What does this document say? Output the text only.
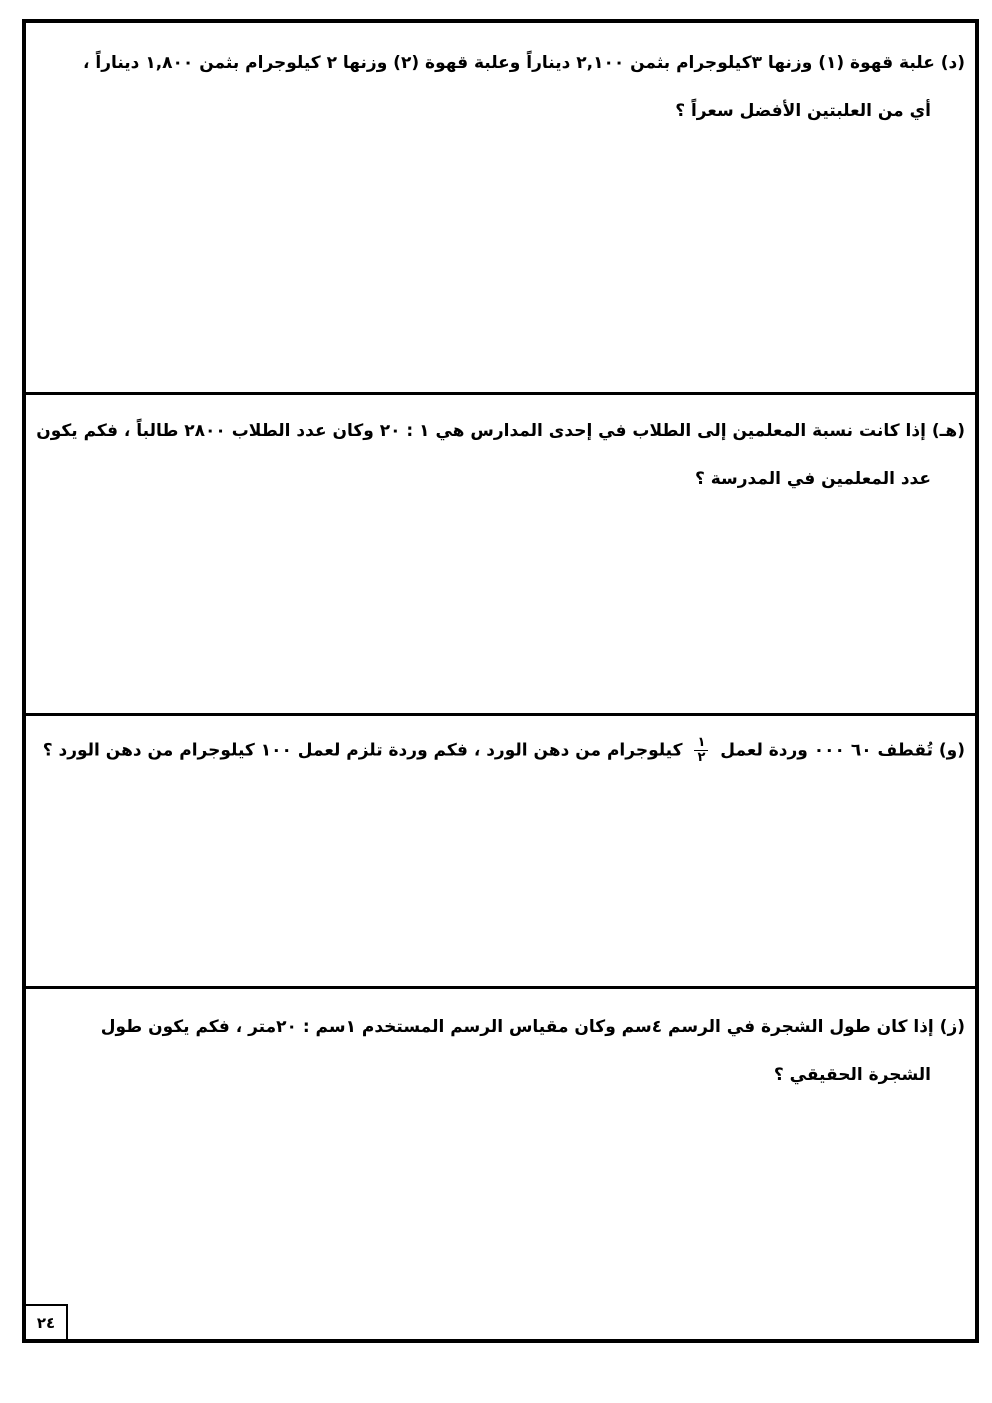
(د) علبة قهوة (١) وزنها ٣كيلوجرام بثمن ٢,١٠٠ ديناراً وعلبة قهوة (٢) وزنها ٢ كيلوجرام بثمن ١,٨٠٠ ديناراً ،
أي من العلبتين الأفضل سعراً ؟
(هـ) إذا كانت نسبة المعلمين إلى الطلاب في إحدى المدارس هي ١ : ٢٠ وكان عدد الطلاب ٢٨٠٠ طالباً ، فكم يكون
عدد المعلمين في المدرسة ؟
(و) تُقطف ٦٠ ٠٠٠ وردة لعمل
$\frac{١}{٢}$
كيلوجرام من دهن الورد ، فكم وردة تلزم لعمل ١٠٠ كيلوجرام من دهن الورد ؟
(ز) إذا كان طول الشجرة في الرسم ٤سم وكان مقياس الرسم المستخدم ١سم : ٢٠متر ، فكم يكون طول
الشجرة الحقيقي ؟
٢٤
